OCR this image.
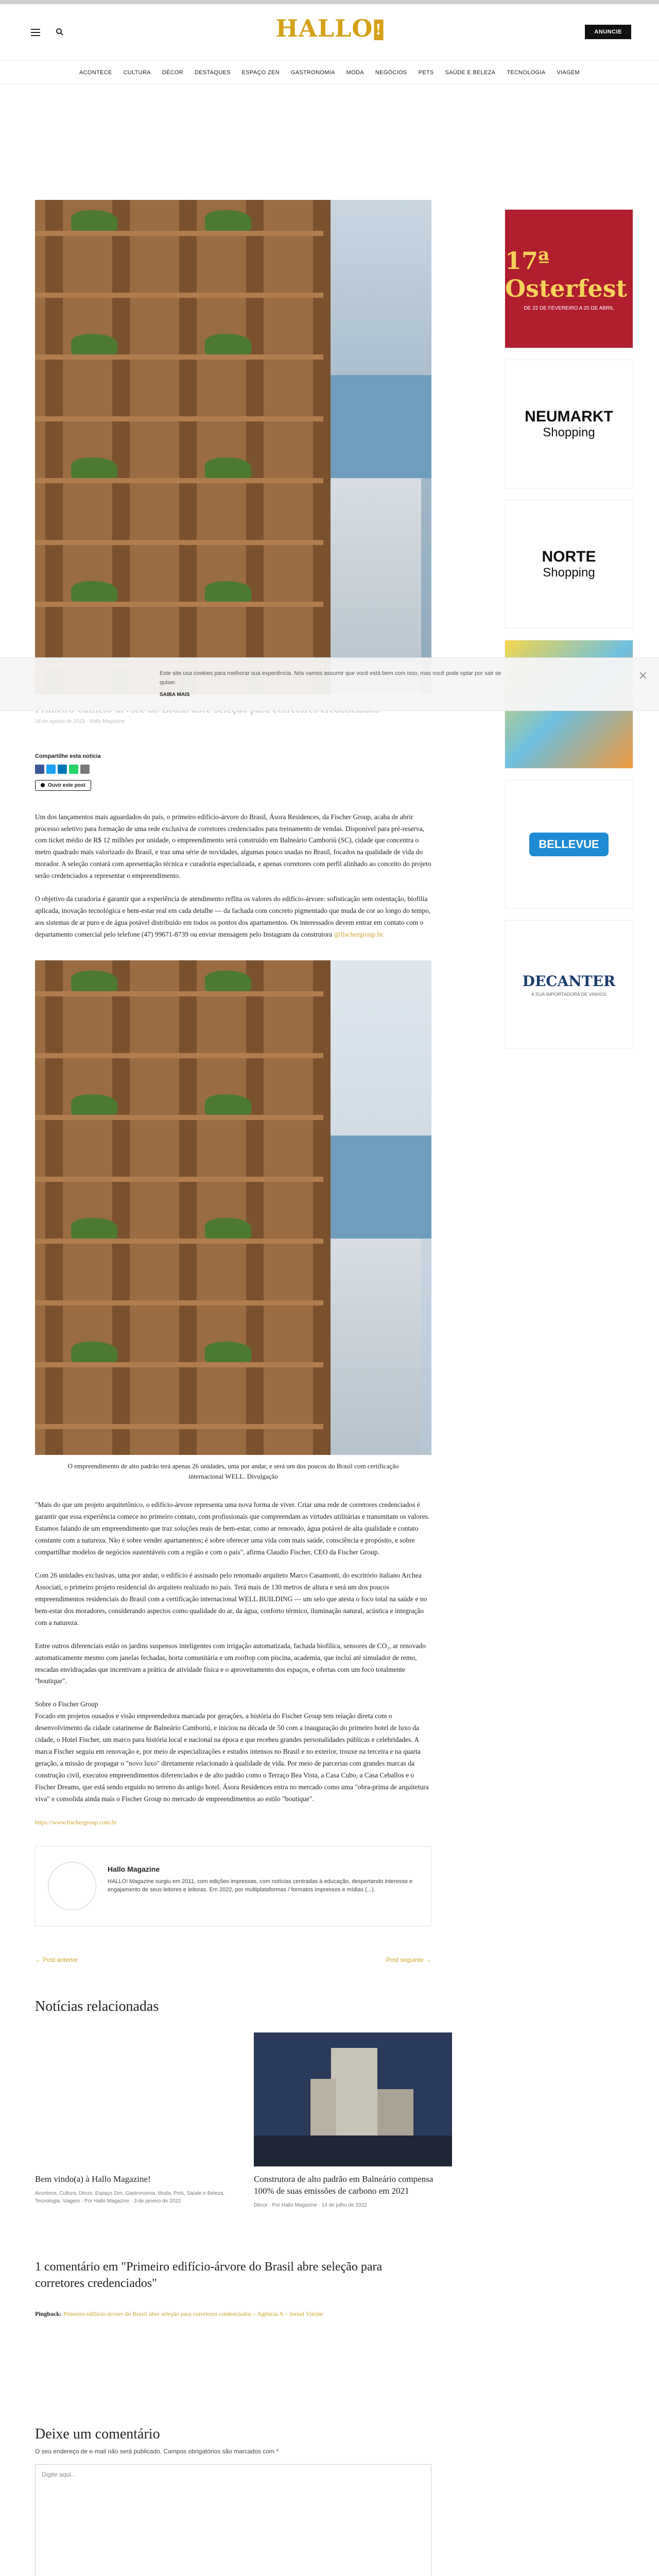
HALLO !	ANUNCIE
ACONTECE CULTURA DÉCOR DESTAQUES ESPAÇO ZEN GASTRONOMIA MODA NEGÓCIOS PETS SAÚDE E BELEZA TECNOLOGIA VIAGEM
18 de agosto de 2023 · Hallo Magazine
Compartilhe esta notícia
Ouvir este post

Um dos lançamentos mais aguardados do país, o primeiro edifício-árvore do Brasil, Ásora Residences, da Fischer Group, acaba de abrir processo seletivo para formação de uma rede exclusiva de corretores credenciados para treinamento de vendas. Disponível para pré-reserva, com ticket médio de R$ 12 milhões por unidade, o empreendimento será construído em Balneário Camboriú (SC), cidade que concentra o metro quadrado mais valorizado do Brasil, e traz uma série de novidades, algumas pouco usadas no Brasil, focados na qualidade de vida do morador. A seleção contará com apresentação técnica e curadoria especializada, e apenas corretores com perfil alinhado ao conceito do projeto serão credenciados a representar o empreendimento.

O objetivo da curadoria é garantir que a experiência de atendimento reflita os valores do edifício-árvore: sofisticação sem ostentação, biofilia aplicada, inovação tecnológica e bem-estar real em cada detalhe — da fachada com concreto pigmentado que muda de cor ao longo do tempo, aos sistemas de ar puro e de água potável distribuído em todos os pontos dos apartamentos. Os interessados devem entrar em contato com o departamento comercial pelo telefone (47) 99671-8739 ou enviar mensagem pelo Instagram da construtora @fischergroup.br.

O empreendimento de alto padrão terá apenas 26 unidades, uma por andar, e será um dos poucos do Brasil com certificação internacional WELL. Divulgação

"Mais do que um projeto arquitetônico, o edifício-árvore representa uma nova forma de viver. Criar uma rede de corretores credenciados é garantir que essa experiência comece no primeiro contato, com profissionais que compreendam as virtudes utilitárias e transmitam os valores. Estamos falando de um empreendimento que traz soluções reais de bem-estar, como ar renovado, água potável de alta qualidade e contato constante com a natureza. Não é sobre vender apartamentos; é sobre oferecer uma vida com mais saúde, consciência e propósito, e sobre compartilhar modelos de negócios sustentáveis com a região e com o país", afirma Claudio Fischer, CEO da Fischer Group.

Com 26 unidades exclusivas, uma por andar, o edifício é assinado pelo renomado arquiteto Marco Casamonti, do escritório italiano Archea Associati, o primeiro projeto residencial do arquiteto realizado no país. Terá mais de 130 metros de altura e será um dos poucos empreendimentos residenciais do Brasil com a certificação internacional WELL BUILDING — um selo que atesta o foco total na saúde e no bem-estar dos moradores, considerando aspectos como qualidade do ar, da água, conforto térmico, iluminação natural, acústica e integração com a natureza.

Entre outros diferenciais estão os jardins suspensos inteligentes com irrigação automatizada, fachada biofílica, sensores de CO₂, ar renovado automaticamente mesmo com janelas fechadas, horta comunitária e um rooftop com piscina, academia, que incluí até simulador de remo, rescadas envidraçadas que incentivam a prática de atividade física e o aproveitamento dos espaços, e ofertas com um foco totalmente "boutique".

Sobre o Fischer Group

Focado em projetos ousados e visão empreendedora marcada por gerações, a história do Fischer Group tem relação direta com o desenvolvimento da cidade catarinense de Balneário Camboriú, e iniciou na década de 50 com a inauguração do primeiro hotel de luxo da cidade, o Hotel Fischer, um marco para história local e nacional na época e que recebeu grandes personalidades públicas e celebridades. A marca Fischer seguiu em renovação e, por meio de especializações e estudos intensos no Brasil e no exterior, trouxe na terceira e na quarta geração, a missão de propagar o "novo luxo" diretamente relacionado à qualidade de vida. Por meio de parcerias com grandes marcas da construção civil, executou empreendimentos diferenciados e de alto padrão como o Terraço Bea Vista, a Casa Cubo, a Casa Ceballos e o Fischer Dreams, que está sendo erguido no terreno do antigo hotel. Ásora Residences entra no mercado como uma "obra-prima de arquitetura viva" e consolida ainda mais o Fischer Group no mercado de empreendimentos ao estilo "boutique".

https://www.fischergroup.com.br

Hallo Magazine
HALLO! Magazine surgiu em 2011, com edições impressas, com notícias centradas à educação, despertando interesse e engajamento de seus leitores e leitoras. Em 2022, por multiplataformas / formatos impressos e mídias (...).
← Post anterior	Post seguinte →
Notícias relacionadas
Bem vindo(a) à Hallo Magazine!
Acontece, Cultura, Décor, Espaço Zen, Gastronomia, Moda, Pets, Saúde e Beleza, Tecnologia, Viagem · Por Hallo Magazine · 3 de janeiro de 2022
Construtora de alto padrão em Balneário compensa 100% de suas emissões de carbono em 2021
Décor · Por Hallo Magazine · 14 de julho de 2022
1 comentário em "Primeiro edifício-árvore do Brasil abre seleção para corretores credenciados"
Pingback: Primeiro edifício-árvore do Brasil abre seleção para corretores credenciados – Agência A – Jornal Vitrine
Deixe um comentário
O seu endereço de e-mail não será publicado. Campos obrigatórios são marcados com *
Digite aqui...
17ª Osterfest
DE 22 DE FEVEREIRO A 20 DE ABRIL
NEUMARKT
Shopping
NORTE
Shopping
BELLEVUE
DECANTER
A SUA IMPORTADORA DE VINHOS
Este site usa cookies para melhorar sua experiência. Nós vamos assumir que você está bem com isso, mas você pode optar por sair se quiser.
SAIBA MAIS
×
